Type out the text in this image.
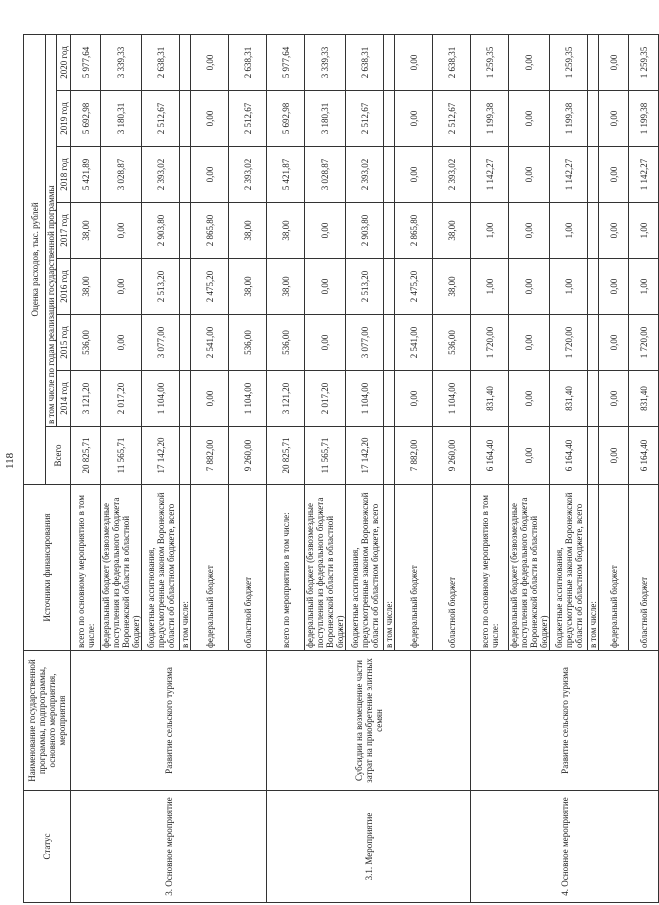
118
Статус	Наименование государственной программы, подпрограммы, основного мероприятия, мероприятия	Источники финансирования	Оценка расходов, тыс. рублей							
			Всего	в том числе по годам реализации государственной программы						
				2014 год	2015 год	2016 год	2017 год	2018 год	2019 год	2020 год
3. Основное мероприятие	Развитие сельского туризма	всего по основному мероприятию в том числе:	20 825,71	3 121,20	536,00	38,00	38,00	5 421,89	5 692,98	5 977,64
		федеральный бюджет (безвозмездные поступления из федерального бюджета Воронежской области в областной бюджет)	11 565,71	2 017,20	0,00	0,00	0,00	3 028,87	3 180,31	3 339,33
		бюджетные ассигнования, предусмотренные законом Воронежской области об областном бюджете, всего	17 142,20	1 104,00	3 077,00	2 513,20	2 903,80	2 393,02	2 512,67	2 638,31
		в том числе:								
		федеральный бюджет	7 882,00	0,00	2 541,00	2 475,20	2 865,80	0,00	0,00	0,00
		областной бюджет	9 260,00	1 104,00	536,00	38,00	38,00	2 393,02	2 512,67	2 638,31
3.1. Мероприятие	Субсидии на возмещение части затрат на приобретение элитных семян	всего по мероприятию в том числе:	20 825,71	3 121,20	536,00	38,00	38,00	5 421,87	5 692,98	5 977,64
		федеральный бюджет (безвозмездные поступления из федерального бюджета Воронежской области в областной бюджет)	11 565,71	2 017,20	0,00	0,00	0,00	3 028,87	3 180,31	3 339,33
		бюджетные ассигнования, предусмотренные законом Воронежской области об областном бюджете, всего	17 142,20	1 104,00	3 077,00	2 513,20	2 903,80	2 393,02	2 512,67	2 638,31
		в том числе:								
		федеральный бюджет	7 882,00	0,00	2 541,00	2 475,20	2 865,80	0,00	0,00	0,00
		областной бюджет	9 260,00	1 104,00	536,00	38,00	38,00	2 393,02	2 512,67	2 638,31
4. Основное мероприятие	Развитие сельского туризма	всего по основному мероприятию в том числе:	6 164,40	831,40	1 720,00	1,00	1,00	1 142,27	1 199,38	1 259,35
		федеральный бюджет (безвозмездные поступления из федерального бюджета Воронежской области в областной бюджет)	0,00	0,00	0,00	0,00	0,00	0,00	0,00	0,00
		бюджетные ассигнования, предусмотренные законом Воронежской области об областном бюджете, всего	6 164,40	831,40	1 720,00	1,00	1,00	1 142,27	1 199,38	1 259,35
		в том числе:								
		федеральный бюджет	0,00	0,00	0,00	0,00	0,00	0,00	0,00	0,00
		областной бюджет	6 164,40	831,40	1 720,00	1,00	1,00	1 142,27	1 199,38	1 259,35
